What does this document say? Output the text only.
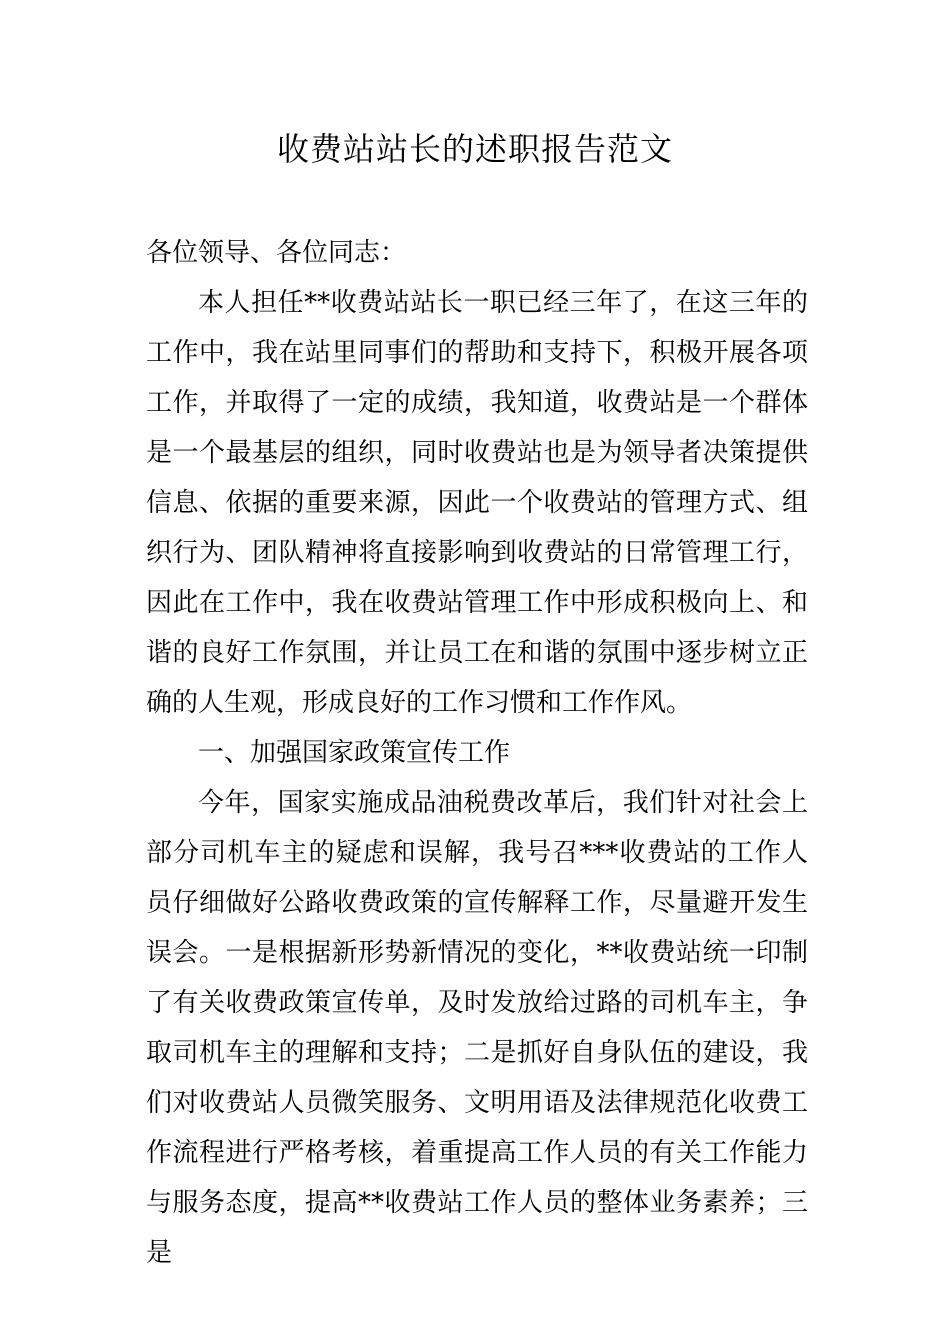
收费站站长的述职报告范文

各位领导、各位同志：

本人担任**收费站站长一职已经三年了，在这三年的工作中，我在站里同事们的帮助和支持下，积极开展各项工作，并取得了一定的成绩，我知道，收费站是一个群体是一个最基层的组织，同时收费站也是为领导者决策提供信息、依据的重要来源，因此一个收费站的管理方式、组织行为、团队精神将直接影响到收费站的日常管理工行，因此在工作中，我在收费站管理工作中形成积极向上、和谐的良好工作氛围，并让员工在和谐的氛围中逐步树立正确的人生观，形成良好的工作习惯和工作作风。

一、加强国家政策宣传工作

今年，国家实施成品油税费改革后，我们针对社会上部分司机车主的疑虑和误解，我号召***收费站的工作人员仔细做好公路收费政策的宣传解释工作，尽量避开发生误会。一是根据新形势新情况的变化，**收费站统一印制了有关收费政策宣传单，及时发放给过路的司机车主，争取司机车主的理解和支持；二是抓好自身队伍的建设，我们对收费站人员微笑服务、文明用语及法律规范化收费工作流程进行严格考核，着重提高工作人员的有关工作能力与服务态度，提高**收费站工作人员的整体业务素养；三是
